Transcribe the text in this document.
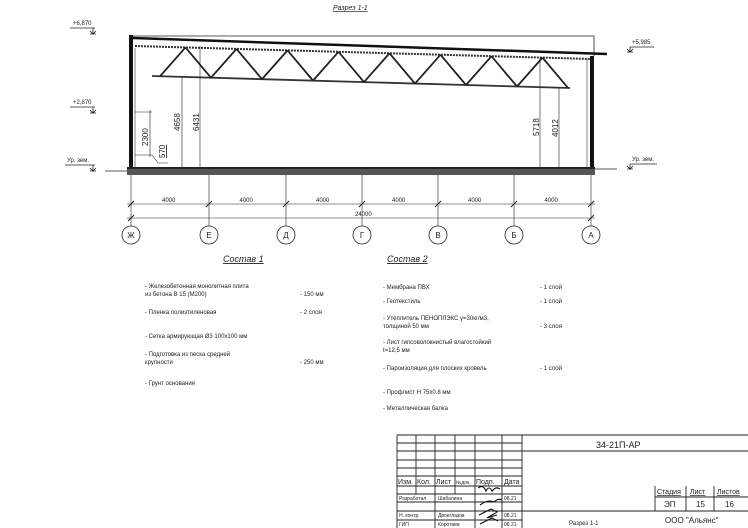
Разрез 1-1
+6,870
+2,870
Ур. зем.
+5,985
Ур. зем.
2300
570
4658 6431	5718 4012
24000
Ж
4000
Е
4000
Д
4000
Г
4000
В
4000
Б
4000
А
Состав 1
- Железобетонная монолитная плита
из бетона В 15 (М200)	- 150 мм
- Пленка полиэтиленовая	- 2 слоя
- Сетка армирующая Ø3 100х100 мм
- Подготовка из песка средней
крупности	- 250 мм
- Грунт основания
Состав 2
- Мембрана ПВХ	- 1 слой
- Геотекстиль	- 1 слой
- Утеплитель ПЕНОПЛЭКС γ=30кг/м3,
толщиной 50 мм	- 3 слоя
- Лист гипсоволокнистый влагостойкий
t=12,5 мм
- Пароизоляция для плоских кровель	- 1 слой
- Профлист Н 75х0.8 мм
- Металлическая балка
34-21П-АР
Изм. Кол. Лист №док. Подп. Дата
Разработал Шабалина	08.21
Н. контр.	Двоеглазов	08.21
ГИП	Коротаев	08.21
Стадия Лист Листов
ЭП	15	16
Разрез 1-1	ООО "Альянс"
